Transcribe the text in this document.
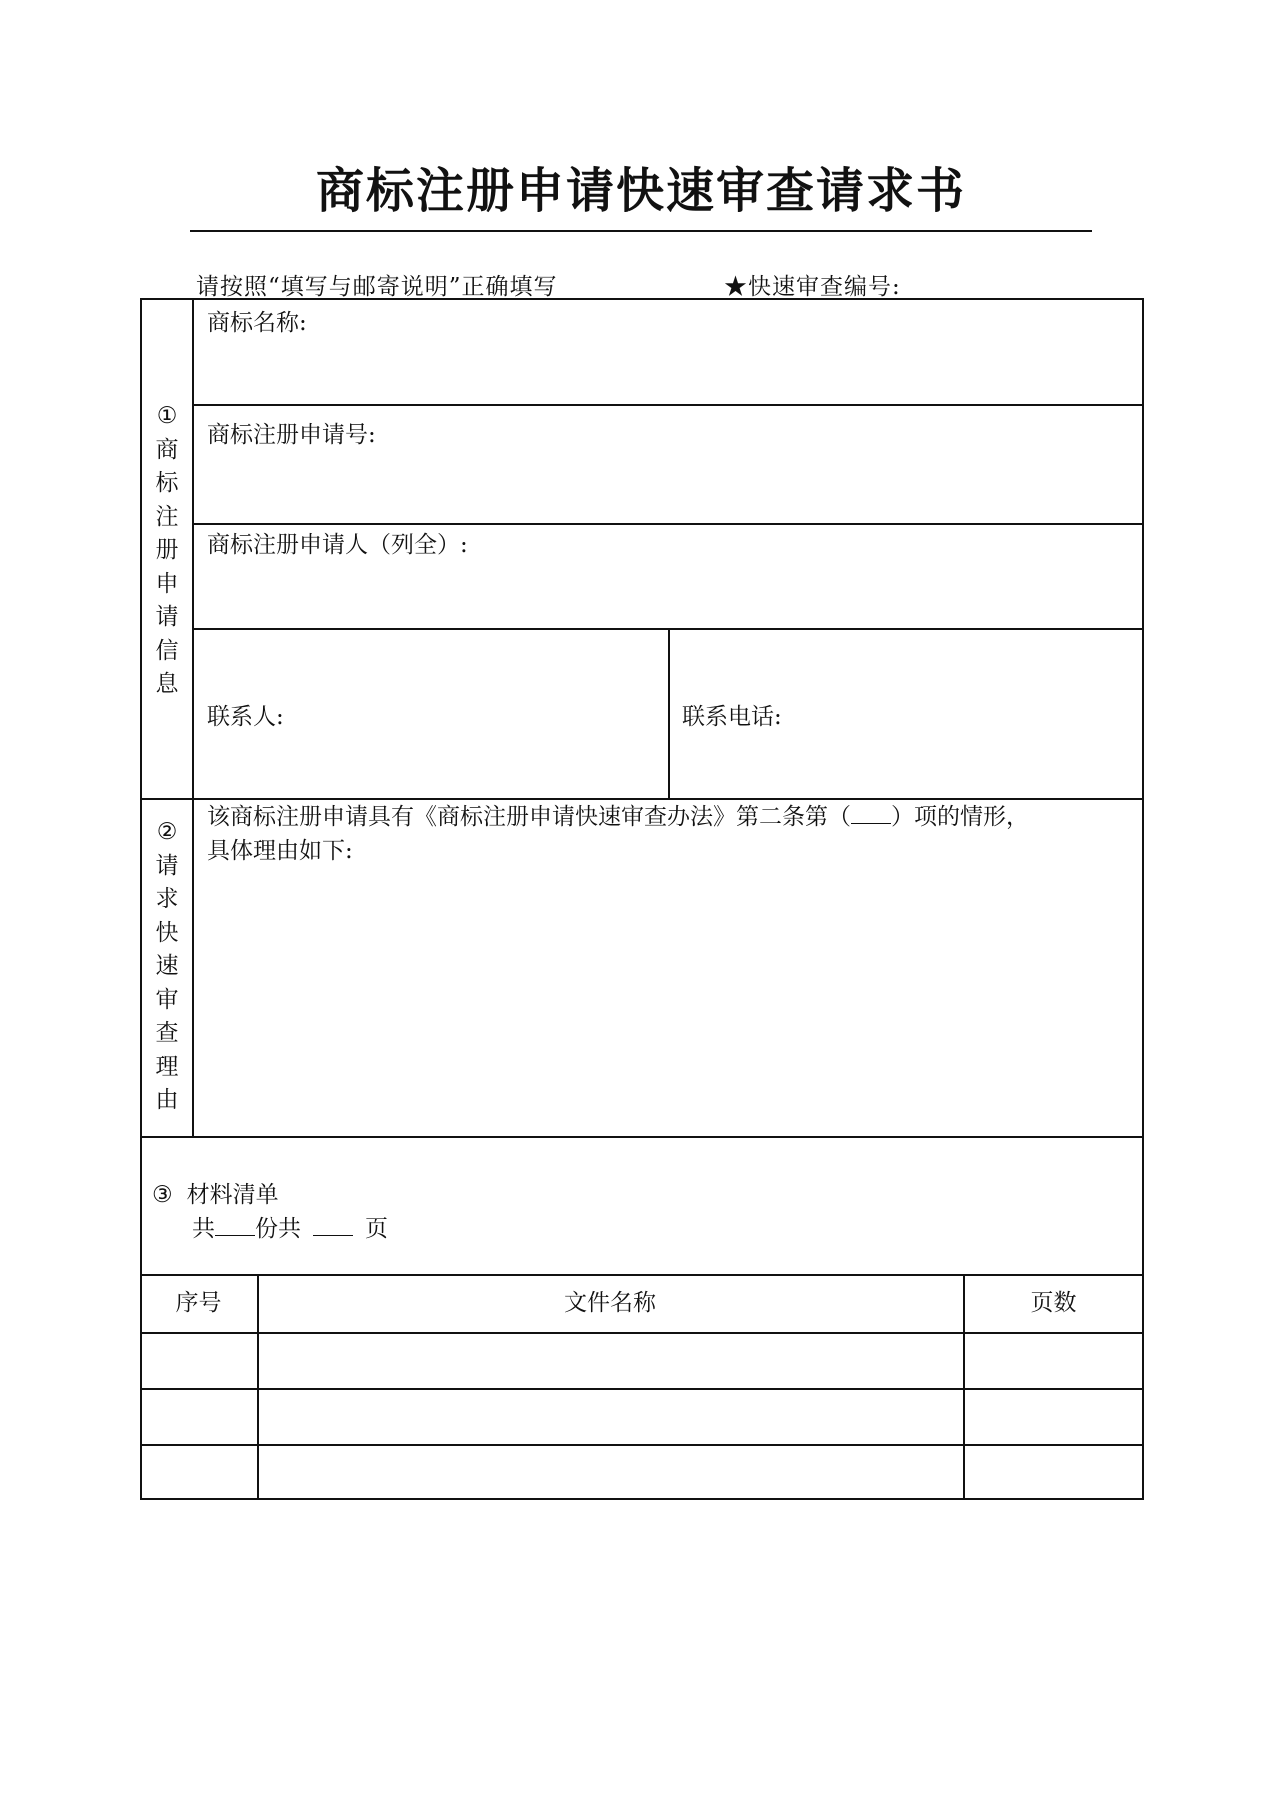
商标注册申请快速审查请求书
请按照“填写与邮寄说明”正确填写	★快速审查编号:
①
商
标
注
册
申
请
信
息
商标名称:
商标注册申请号:
商标注册申请人（列全）:
联系人:	联系电话:
②
请
求
快
速
审
查
理
由
该商标注册申请具有《商标注册申请快速审查办法》第二条第（ ）项的情形，
具体理由如下:
③ 材料清单
共 份共	页
序号	文件名称	页数
